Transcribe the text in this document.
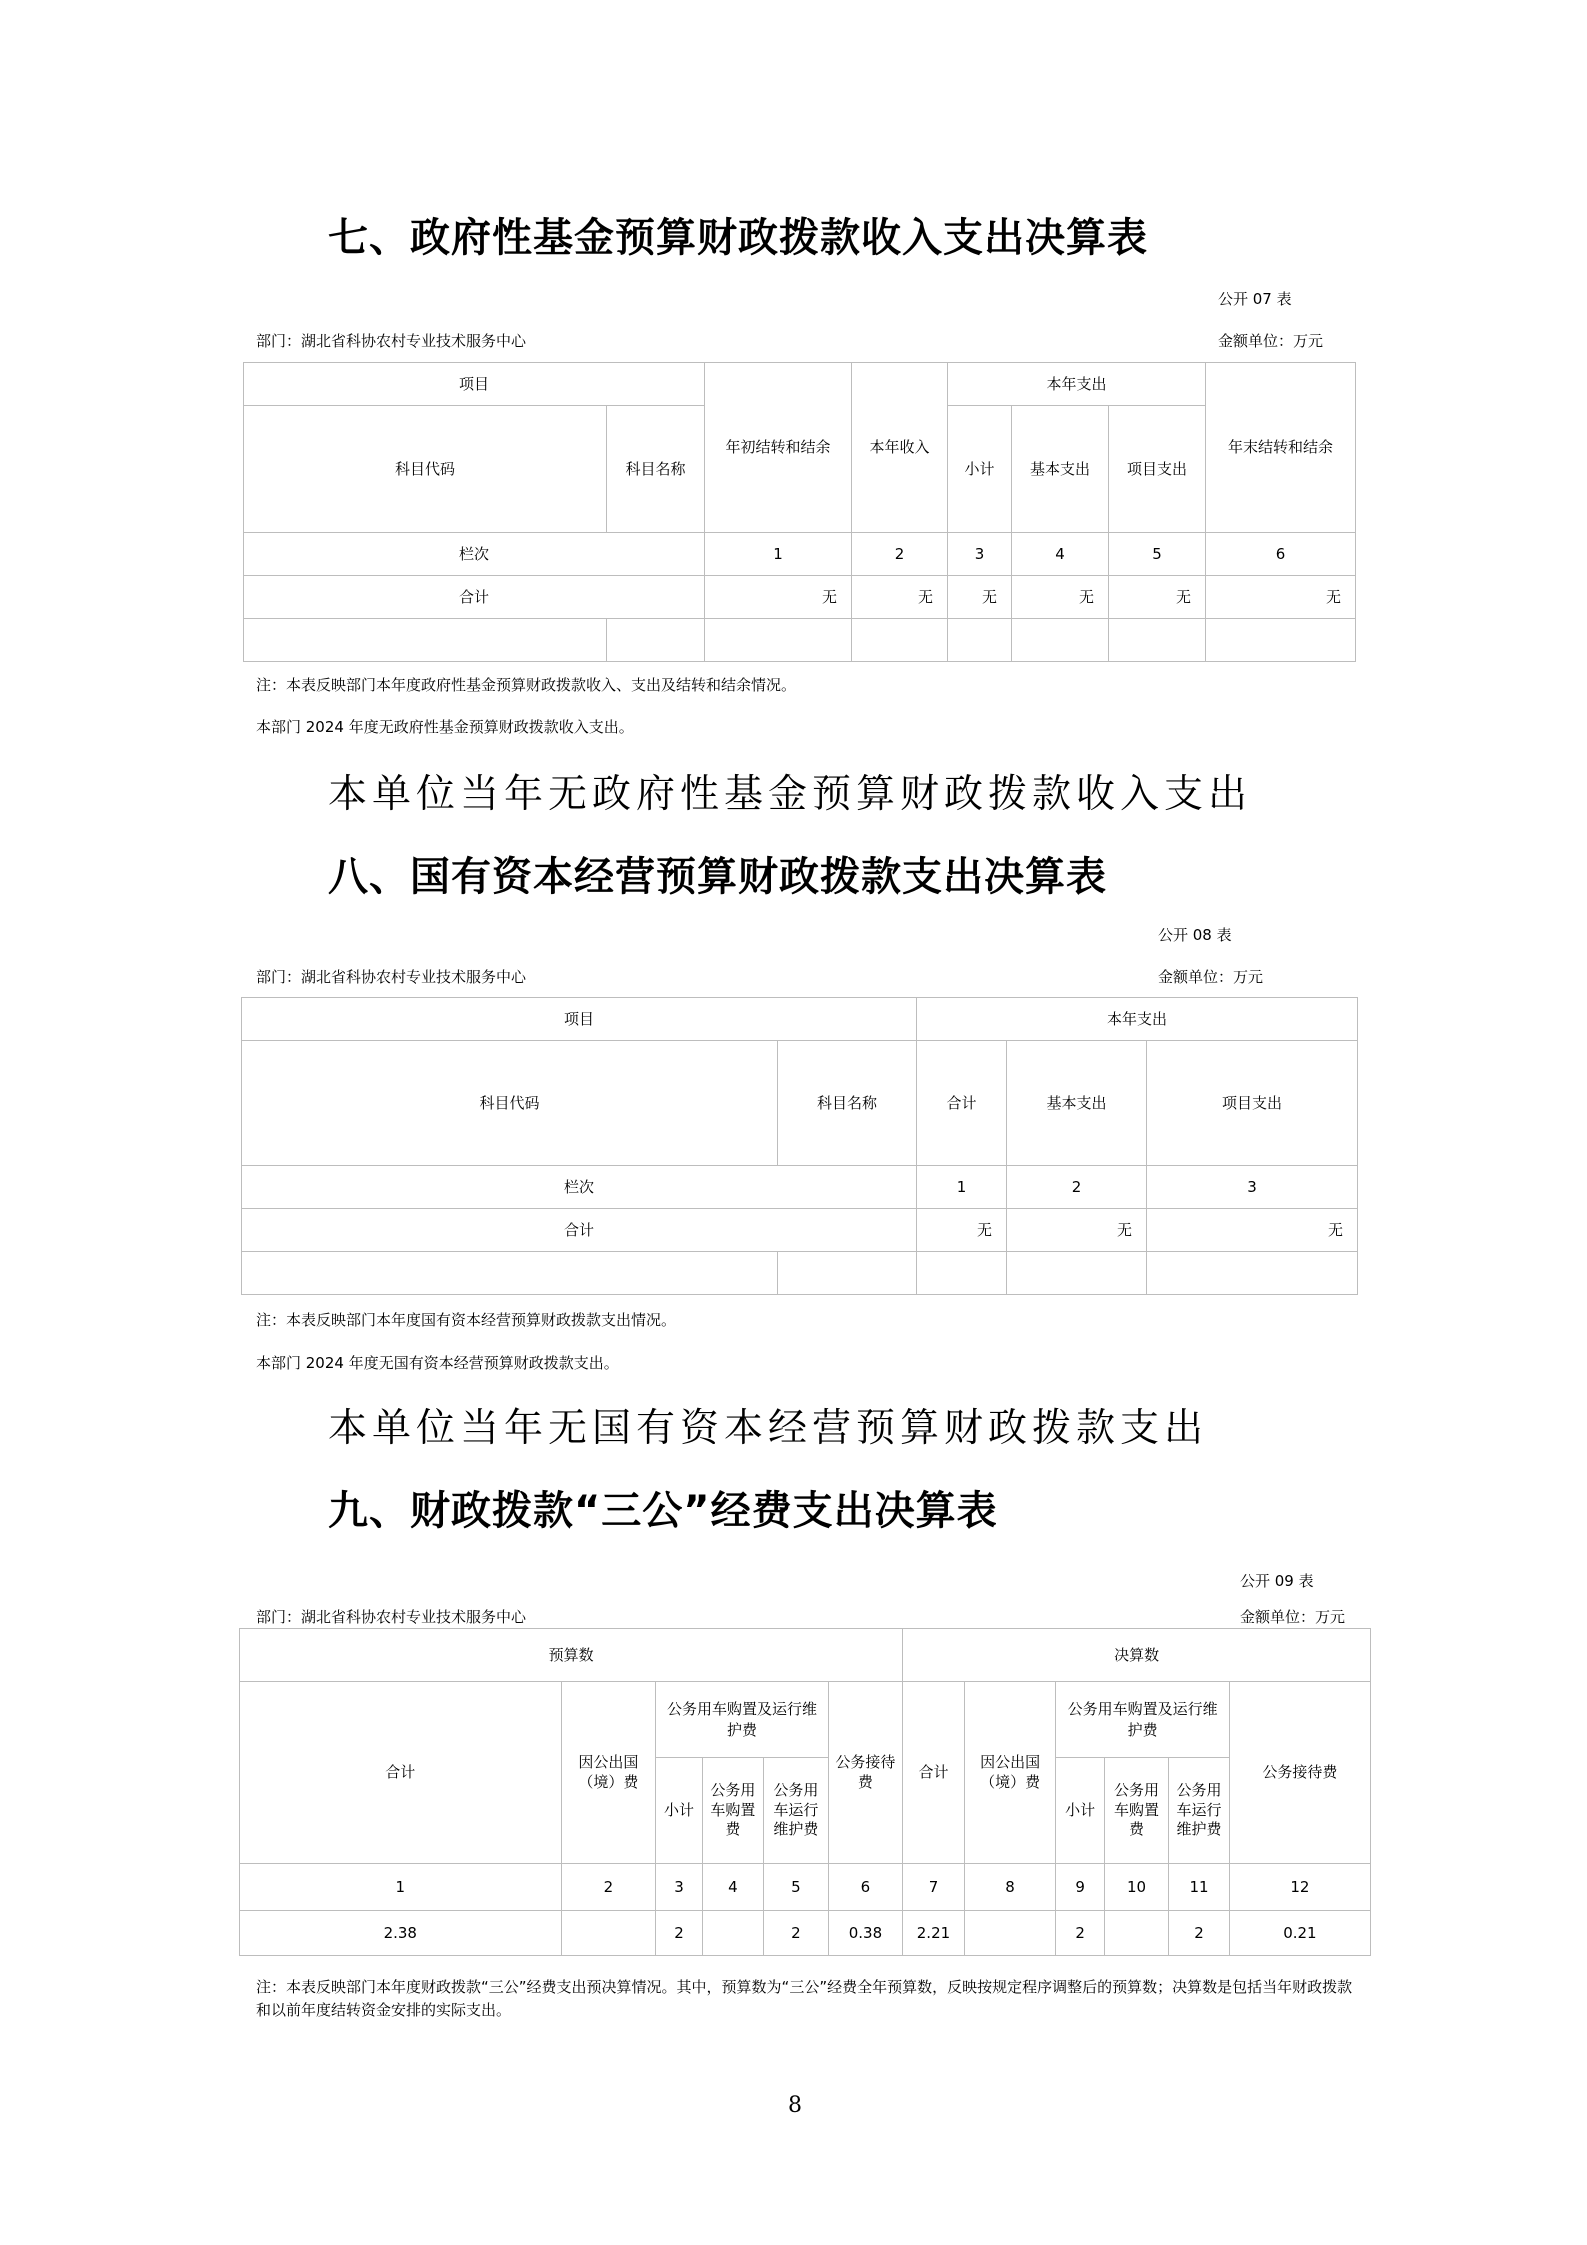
七、政府性基金预算财政拨款收入支出决算表
公开 07 表
部门：湖北省科协农村专业技术服务中心	金额单位：万元
项目		年初结转和结余	本年收入	本年支出			年末结转和结余
科目代码	科目名称			小计	基本支出	项目支出	
栏次		1	2	3	4	5	6
合计		无	无	无	无	无	无

注：本表反映部门本年度政府性基金预算财政拨款收入、支出及结转和结余情况。
本部门 2024 年度无政府性基金预算财政拨款收入支出。
本单位当年无政府性基金预算财政拨款收入支出
八、国有资本经营预算财政拨款支出决算表
公开 08 表
部门：湖北省科协农村专业技术服务中心	金额单位：万元
项目		本年支出		
科目代码	科目名称	合计	基本支出	项目支出
栏次		1	2	3
合计		无	无	无

注：本表反映部门本年度国有资本经营预算财政拨款支出情况。
本部门 2024 年度无国有资本经营预算财政拨款支出。
本单位当年无国有资本经营预算财政拨款支出
九、财政拨款“三公”经费支出决算表
公开 09 表
部门：湖北省科协农村专业技术服务中心	金额单位：万元
预算数						决算数					
合计	因公出国（境）费	公务用车购置及运行维护费			公务接待费	合计	因公出国（境）费	公务用车购置及运行维护费			公务接待费
		小计	公务用车购置费	公务用车运行维护费				小计	公务用车购置费	公务用车运行维护费	
1	2	3	4	5	6	7	8	9	10	11	12
2.38		2		2	0.38	2.21		2		2	0.21
注：本表反映部门本年度财政拨款“三公”经费支出预决算情况。其中，预算数为“三公”经费全年预算数，反映按规定程序调整后的预算数；决算数是包括当年财政拨款和以前年度结转资金安排的实际支出。
8
